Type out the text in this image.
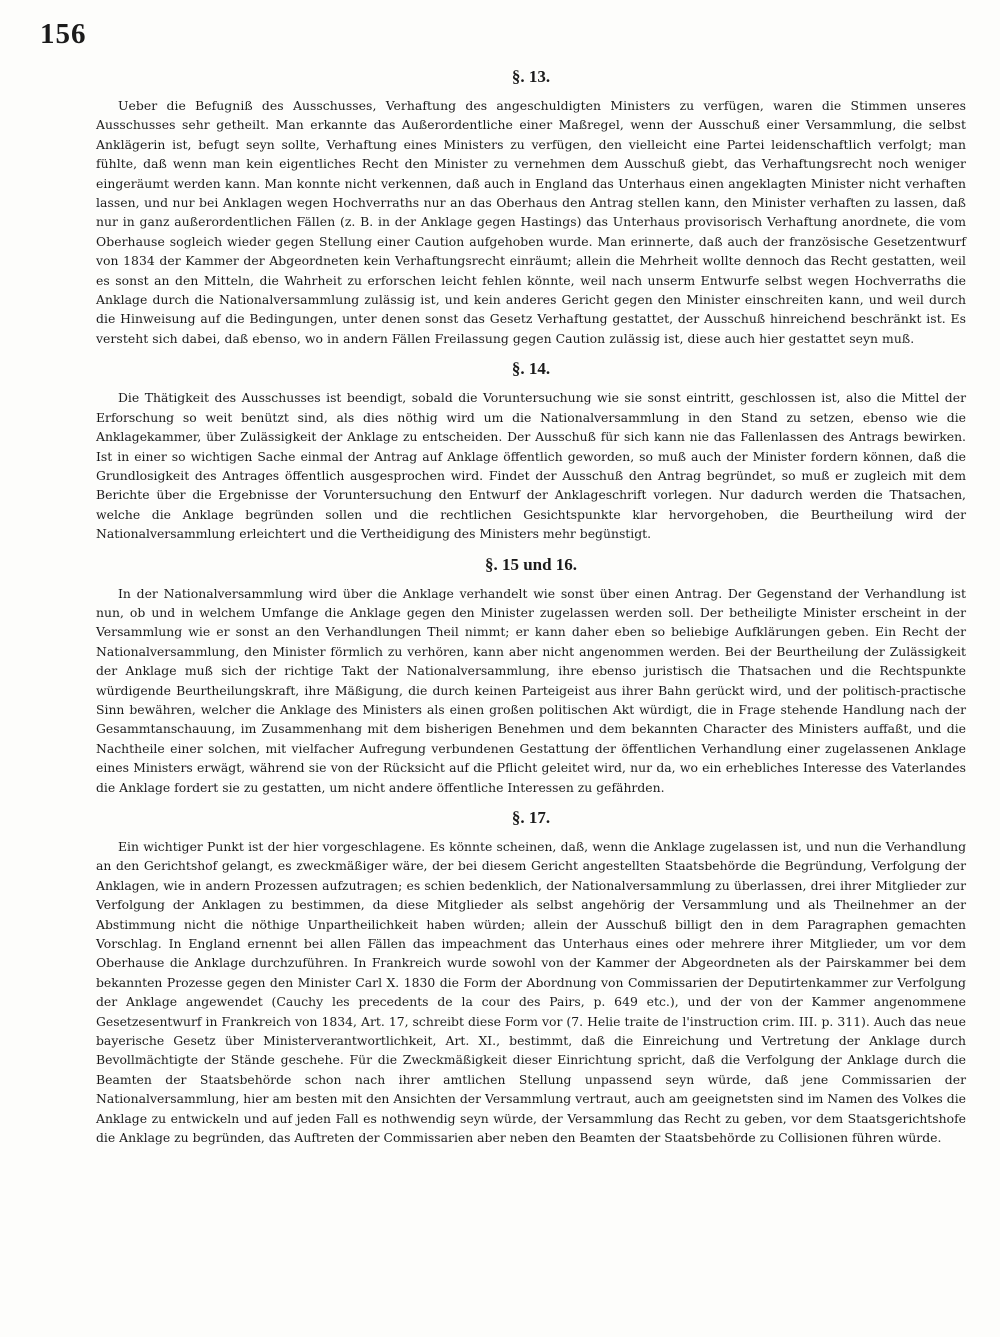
156
§. 13.

Ueber die Befugniß des Ausschusses, Verhaftung des angeschuldigten Ministers zu verfügen, waren die Stimmen unseres Ausschusses sehr getheilt. Man erkannte das Außerordentliche einer Maßregel, wenn der Ausschuß einer Versammlung, die selbst Anklägerin ist, befugt seyn sollte, Verhaftung eines Ministers zu verfügen, den vielleicht eine Partei leidenschaftlich verfolgt; man fühlte, daß wenn man kein eigentliches Recht den Minister zu vernehmen dem Ausschuß giebt, das Verhaftungsrecht noch weniger eingeräumt werden kann. Man konnte nicht verkennen, daß auch in England das Unterhaus einen angeklagten Minister nicht verhaften lassen, und nur bei Anklagen wegen Hochverraths nur an das Oberhaus den Antrag stellen kann, den Minister verhaften zu lassen, daß nur in ganz außerordentlichen Fällen (z. B. in der Anklage gegen Hastings) das Unterhaus provisorisch Verhaftung anordnete, die vom Oberhause sogleich wieder gegen Stellung einer Caution aufgehoben wurde. Man erinnerte, daß auch der französische Gesetzentwurf von 1834 der Kammer der Abgeordneten kein Verhaftungsrecht einräumt; allein die Mehrheit wollte dennoch das Recht gestatten, weil es sonst an den Mitteln, die Wahrheit zu erforschen leicht fehlen könnte, weil nach unserm Entwurfe selbst wegen Hochverraths die Anklage durch die Nationalversammlung zulässig ist, und kein anderes Gericht gegen den Minister einschreiten kann, und weil durch die Hinweisung auf die Bedingungen, unter denen sonst das Gesetz Verhaftung gestattet, der Ausschuß hinreichend beschränkt ist. Es versteht sich dabei, daß ebenso, wo in andern Fällen Freilassung gegen Caution zulässig ist, diese auch hier gestattet seyn muß.

§. 14.

Die Thätigkeit des Ausschusses ist beendigt, sobald die Voruntersuchung wie sie sonst eintritt, geschlossen ist, also die Mittel der Erforschung so weit benützt sind, als dies nöthig wird um die Nationalversammlung in den Stand zu setzen, ebenso wie die Anklagekammer, über Zulässigkeit der Anklage zu entscheiden. Der Ausschuß für sich kann nie das Fallenlassen des Antrags bewirken. Ist in einer so wichtigen Sache einmal der Antrag auf Anklage öffentlich geworden, so muß auch der Minister fordern können, daß die Grundlosigkeit des Antrages öffentlich ausgesprochen wird. Findet der Ausschuß den Antrag begründet, so muß er zugleich mit dem Berichte über die Ergebnisse der Voruntersuchung den Entwurf der Anklageschrift vorlegen. Nur dadurch werden die Thatsachen, welche die Anklage begründen sollen und die rechtlichen Gesichtspunkte klar hervorgehoben, die Beurtheilung wird der Nationalversammlung erleichtert und die Vertheidigung des Ministers mehr begünstigt.

§. 15 und 16.

In der Nationalversammlung wird über die Anklage verhandelt wie sonst über einen Antrag. Der Gegenstand der Verhandlung ist nun, ob und in welchem Umfange die Anklage gegen den Minister zugelassen werden soll. Der betheiligte Minister erscheint in der Versammlung wie er sonst an den Verhandlungen Theil nimmt; er kann daher eben so beliebige Aufklärungen geben. Ein Recht der Nationalversammlung, den Minister förmlich zu verhören, kann aber nicht angenommen werden. Bei der Beurtheilung der Zulässigkeit der Anklage muß sich der richtige Takt der Nationalversammlung, ihre ebenso juristisch die Thatsachen und die Rechtspunkte würdigende Beurtheilungskraft, ihre Mäßigung, die durch keinen Parteigeist aus ihrer Bahn gerückt wird, und der politisch-practische Sinn bewähren, welcher die Anklage des Ministers als einen großen politischen Akt würdigt, die in Frage stehende Handlung nach der Gesammtanschauung, im Zusammenhang mit dem bisherigen Benehmen und dem bekannten Character des Ministers auffaßt, und die Nachtheile einer solchen, mit vielfacher Aufregung verbundenen Gestattung der öffentlichen Verhandlung einer zugelassenen Anklage eines Ministers erwägt, während sie von der Rücksicht auf die Pflicht geleitet wird, nur da, wo ein erhebliches Interesse des Vaterlandes die Anklage fordert sie zu gestatten, um nicht andere öffentliche Interessen zu gefährden.

§. 17.

Ein wichtiger Punkt ist der hier vorgeschlagene. Es könnte scheinen, daß, wenn die Anklage zugelassen ist, und nun die Verhandlung an den Gerichtshof gelangt, es zweckmäßiger wäre, der bei diesem Gericht angestellten Staatsbehörde die Begründung, Verfolgung der Anklagen, wie in andern Prozessen aufzutragen; es schien bedenklich, der Nationalversammlung zu überlassen, drei ihrer Mitglieder zur Verfolgung der Anklagen zu bestimmen, da diese Mitglieder als selbst angehörig der Versammlung und als Theilnehmer an der Abstimmung nicht die nöthige Unpartheilichkeit haben würden; allein der Ausschuß billigt den in dem Paragraphen gemachten Vorschlag. In England ernennt bei allen Fällen das impeachment das Unterhaus eines oder mehrere ihrer Mitglieder, um vor dem Oberhause die Anklage durchzuführen. In Frankreich wurde sowohl von der Kammer der Abgeordneten als der Pairskammer bei dem bekannten Prozesse gegen den Minister Carl X. 1830 die Form der Abordnung von Commissarien der Deputirtenkammer zur Verfolgung der Anklage angewendet (Cauchy les precedents de la cour des Pairs, p. 649 etc.), und der von der Kammer angenommene Gesetzesentwurf in Frankreich von 1834, Art. 17, schreibt diese Form vor (7. Helie traite de l'instruction crim. III. p. 311). Auch das neue bayerische Gesetz über Ministerverantwortlichkeit, Art. XI., bestimmt, daß die Einreichung und Vertretung der Anklage durch Bevollmächtigte der Stände geschehe. Für die Zweckmäßigkeit dieser Einrichtung spricht, daß die Verfolgung der Anklage durch die Beamten der Staatsbehörde schon nach ihrer amtlichen Stellung unpassend seyn würde, daß jene Commissarien der Nationalversammlung, hier am besten mit den Ansichten der Versammlung vertraut, auch am geeignetsten sind im Namen des Volkes die Anklage zu entwickeln und auf jeden Fall es nothwendig seyn würde, der Versammlung das Recht zu geben, vor dem Staatsgerichtshofe die Anklage zu begründen, das Auftreten der Commissarien aber neben den Beamten der Staatsbehörde zu Collisionen führen würde.
